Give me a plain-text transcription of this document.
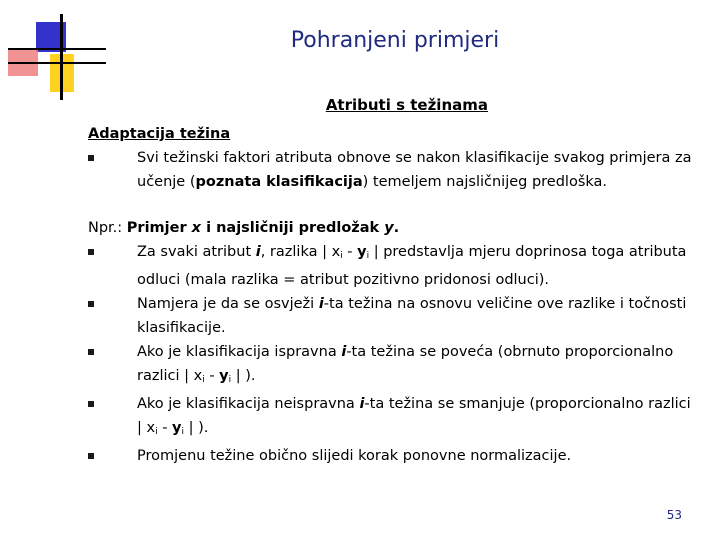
Pohranjeni primjeri
Atributi s težinama
Adaptacija težina
Svi težinski faktori atributa obnove se nakon klasifikacije svakog primjera za učenje (poznata klasifikacija) temeljem najsličnijeg predloška.
Npr.: Primjer x i najsličniji predložak y.
Za svaki atribut i, razlika | $x_i - y_i$ | predstavlja mjeru doprinosa toga atributa odluci (mala razlika = atribut pozitivno pridonosi odluci).
Namjera je da se osvježi i-ta težina na osnovu veličine ove razlike i točnosti klasifikacije.
Ako je klasifikacija ispravna i-ta težina se poveća (obrnuto proporcionalno razlici | $x_i - y_i$ | ).
Ako je klasifikacija neispravna i-ta težina se smanjuje (proporcionalno razlici | $x_i - y_i$ | ).
Promjenu težine obično slijedi korak ponovne normalizacije.
53
